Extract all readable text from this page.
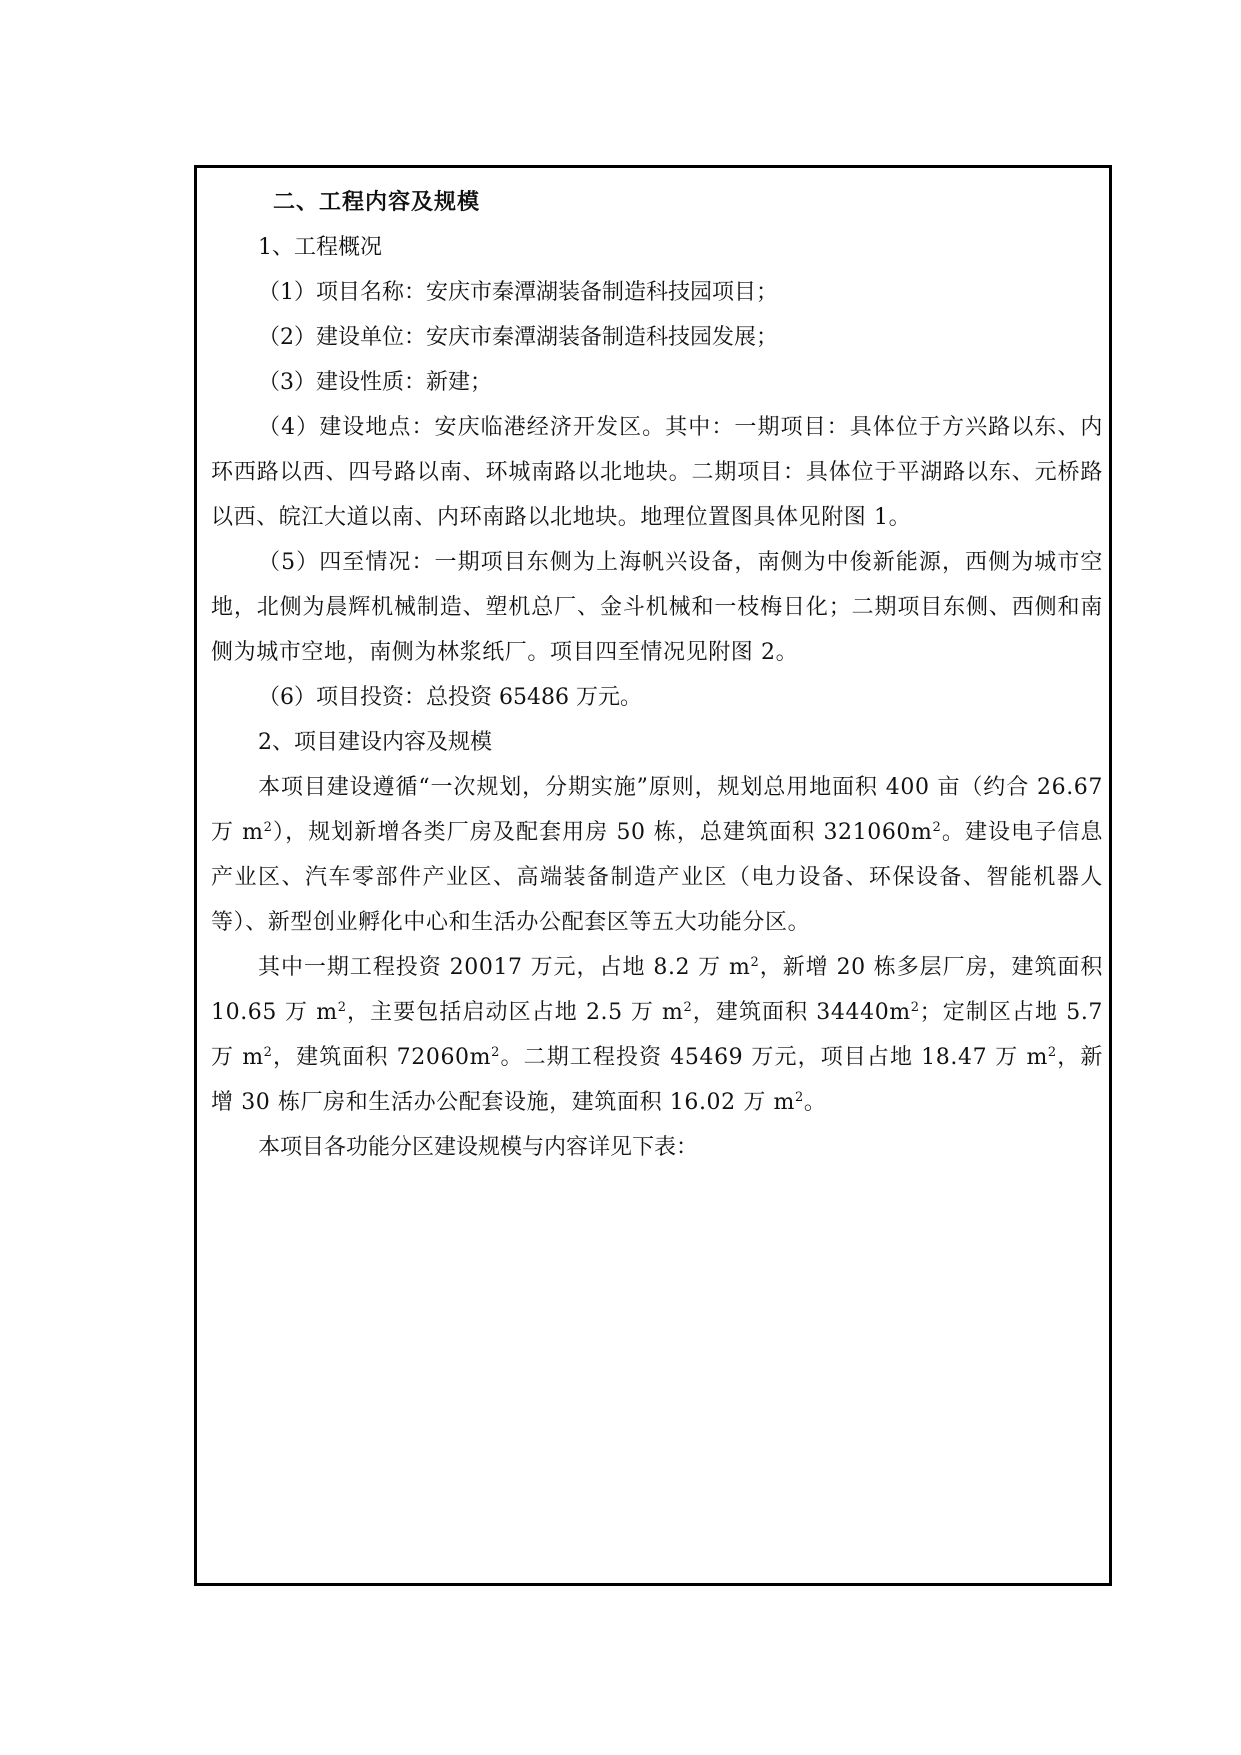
二、工程内容及规模
1、工程概况
（1）项目名称：安庆市秦潭湖装备制造科技园项目；
（2）建设单位：安庆市秦潭湖装备制造科技园发展；
（3）建设性质：新建；

（4）建设地点：安庆临港经济开发区。其中：一期项目：具体位于方兴路以东、内环西路以西、四号路以南、环城南路以北地块。二期项目：具体位于平湖路以东、元桥路以西、皖江大道以南、内环南路以北地块。地理位置图具体见附图 1。

（5）四至情况：一期项目东侧为上海帆兴设备，南侧为中俊新能源，西侧为城市空地，北侧为晨辉机械制造、塑机总厂、金斗机械和一枝梅日化；二期项目东侧、西侧和南侧为城市空地，南侧为林浆纸厂。项目四至情况见附图 2。

（6）项目投资：总投资 65486 万元。
2、项目建设内容及规模

本项目建设遵循“一次规划，分期实施”原则，规划总用地面积 400 亩（约合 26.67 万 $m^2$），规划新增各类厂房及配套用房 50 栋，总建筑面积 $321060m^2$。建设电子信息产业区、汽车零部件产业区、高端装备制造产业区（电力设备、环保设备、智能机器人等）、新型创业孵化中心和生活办公配套区等五大功能分区。

其中一期工程投资 20017 万元，占地 8.2 万 $m^2$，新增 20 栋多层厂房，建筑面积 10.65 万 $m^2$，主要包括启动区占地 2.5 万 $m^2$，建筑面积 $34440m^2$；定制区占地 5.7 万 $m^2$，建筑面积 $72060m^2$。二期工程投资 45469 万元，项目占地 18.47 万 $m^2$，新增 30 栋厂房和生活办公配套设施，建筑面积 16.02 万 $m^2$。

本项目各功能分区建设规模与内容详见下表：
